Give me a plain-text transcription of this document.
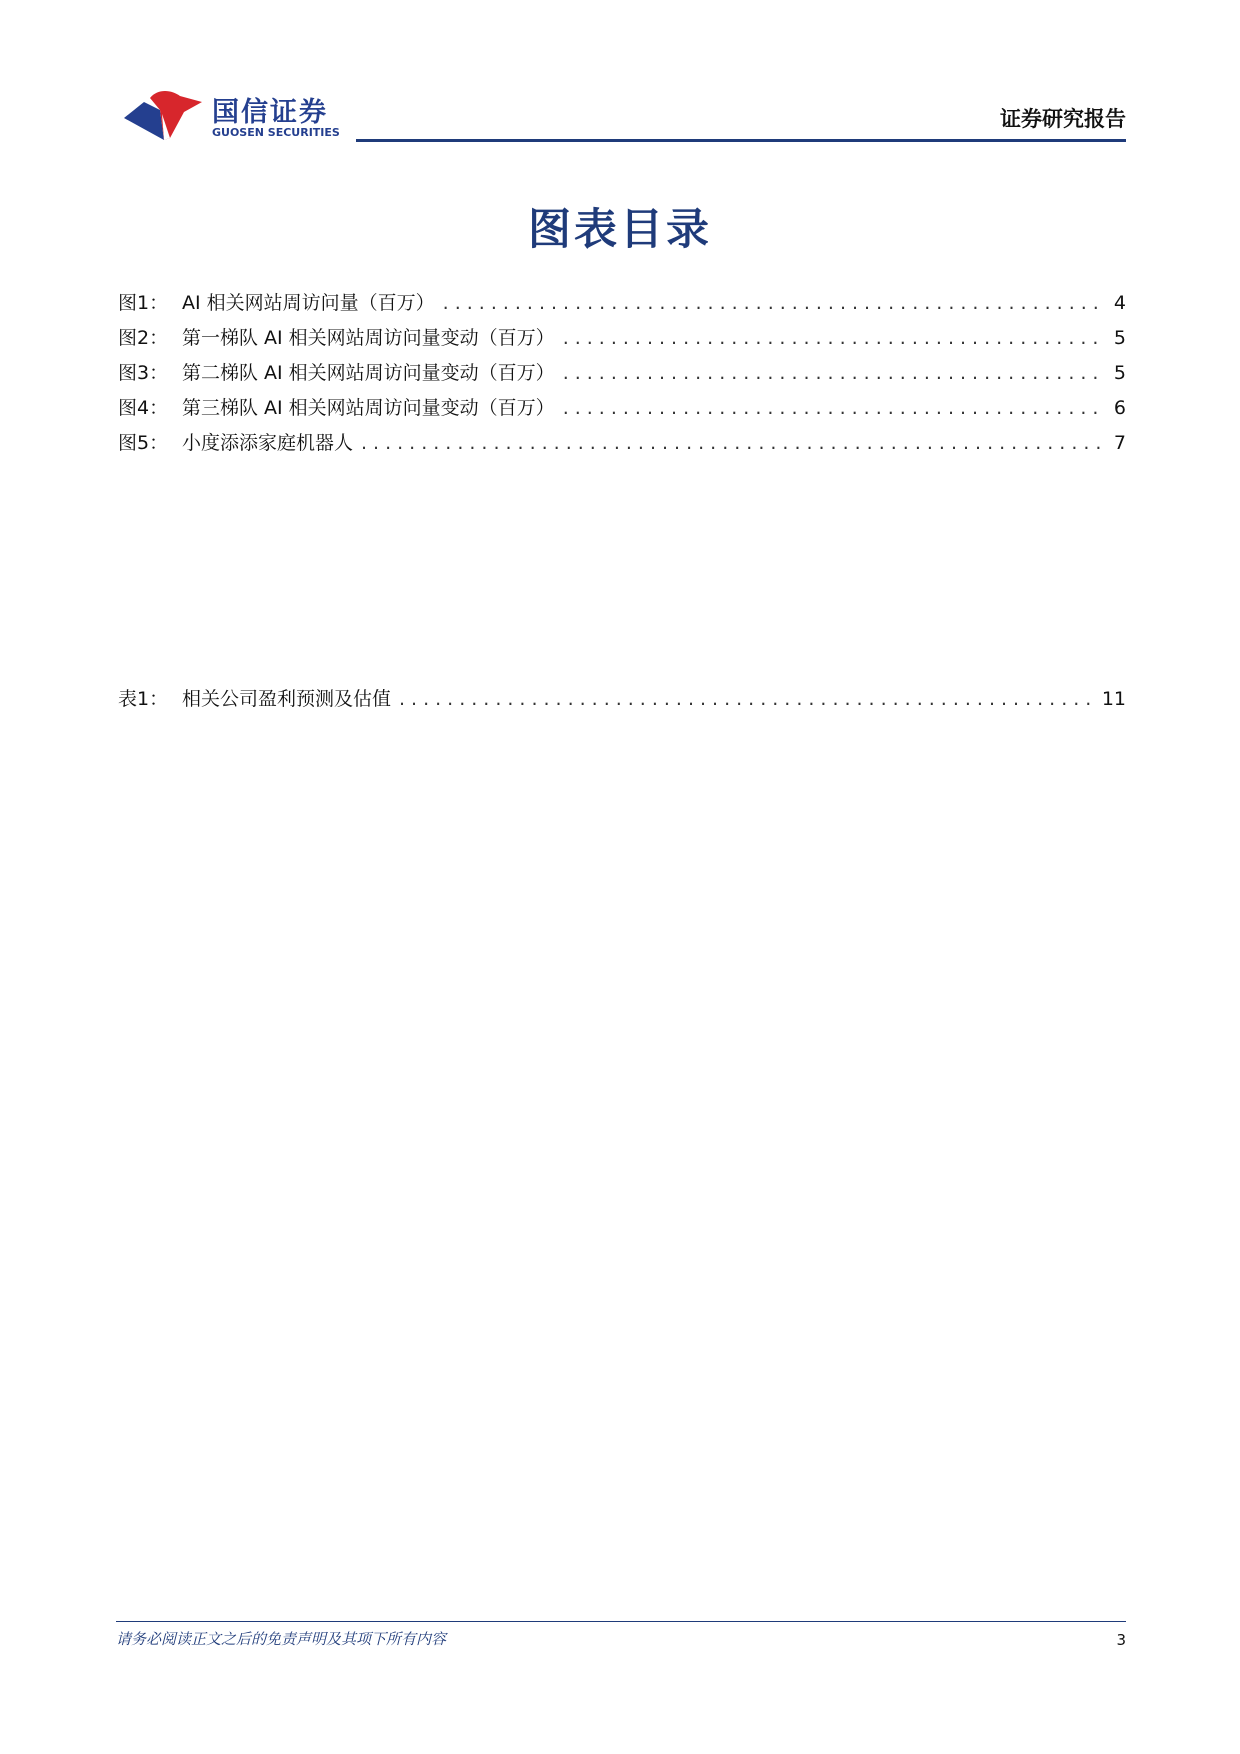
国信证券
GUOSEN SECURITIES
证券研究报告
图表目录
图1： AI 相关网站周访问量（百万） .....	4
图2： 第一梯队 AI 相关网站周访问量变动（百万） .....	5
图3： 第二梯队 AI 相关网站周访问量变动（百万） .....	5
图4： 第三梯队 AI 相关网站周访问量变动（百万） .....	6
图5： 小度添添家庭机器人 .....	7
表1： 相关公司盈利预测及估值 .....	11
请务必阅读正文之后的免责声明及其项下所有内容	3
